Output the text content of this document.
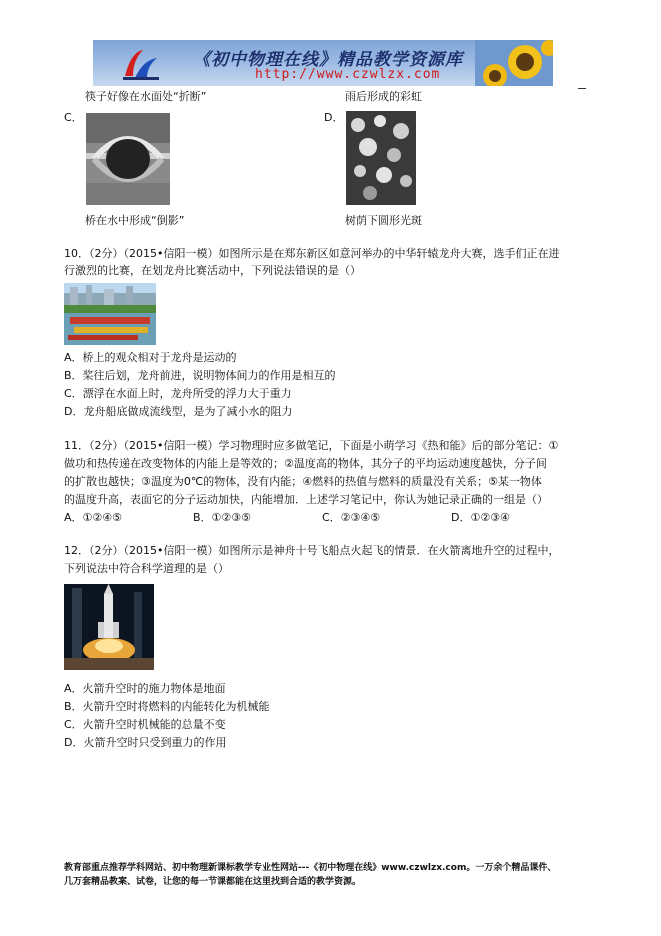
《初中物理在线》精品教学资源库
http://www.czwlzx.com
筷子好像在水面处“折断”	雨后形成的彩虹
C．	D．
桥在水中形成“倒影”	树荫下圆形光斑
10．（2分）（2015•信阳一模）如图所示是在郑东新区如意河举办的中华轩辕龙舟大赛，选手们正在进
行激烈的比赛，在划龙舟比赛活动中，下列说法错误的是（）
A．桥上的观众相对于龙舟是运动的
B．桨往后划，龙舟前进，说明物体间力的作用是相互的
C．漂浮在水面上时，龙舟所受的浮力大于重力
D．龙舟船底做成流线型，是为了减小水的阻力
11．（2分）（2015•信阳一模）学习物理时应多做笔记，下面是小萌学习《热和能》后的部分笔记：①
做功和热传递在改变物体的内能上是等效的；②温度高的物体，其分子的平均运动速度越快，分子间
的扩散也越快；③温度为0℃的物体，没有内能；④燃料的热值与燃料的质量没有关系；⑤某一物体
的温度升高，表面它的分子运动加快，内能增加．上述学习笔记中，你认为她记录正确的一组是（）
A．①②④⑤	B．①②③⑤	C．②③④⑤	D．①②③④
12．（2分）（2015•信阳一模）如图所示是神舟十号飞船点火起飞的情景．在火箭离地升空的过程中，
下列说法中符合科学道理的是（）
A．火箭升空时的施力物体是地面
B．火箭升空时将燃料的内能转化为机械能
C．火箭升空时机械能的总量不变
D．火箭升空时只受到重力的作用
教育部重点推荐学科网站、初中物理新课标教学专业性网站---《初中物理在线》www.czwlzx.com。一万余个精品课件、
几万套精品教案、试卷，让您的每一节课都能在这里找到合适的教学资源。
